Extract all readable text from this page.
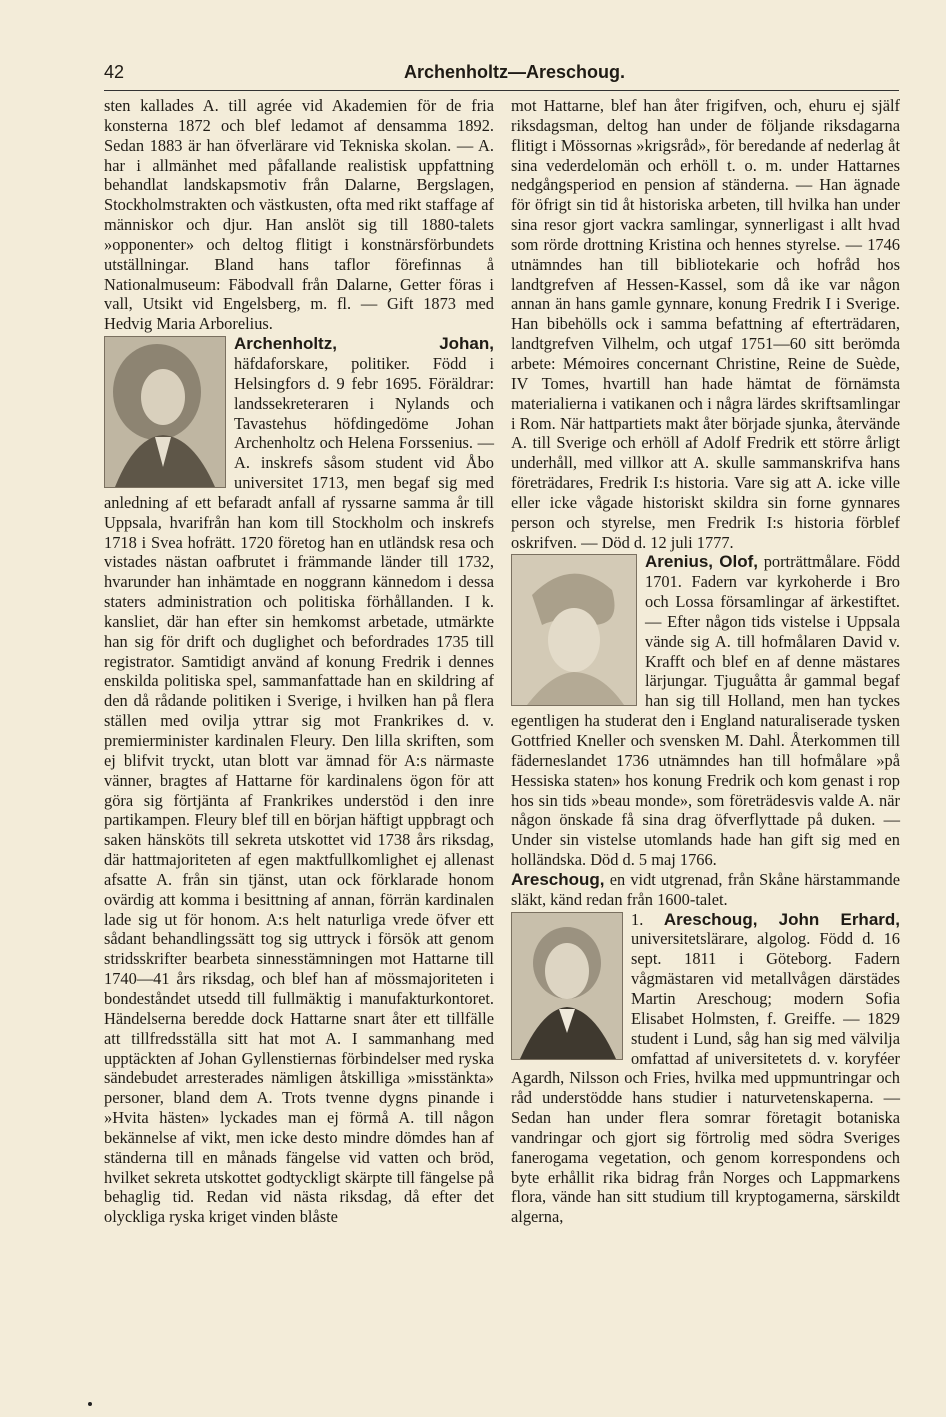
42	Archenholtz—Areschoug.

sten kallades A. till agrée vid Akademien för de fria konsterna 1872 och blef ledamot af densamma 1892. Sedan 1883 är han öfverlärare vid Tekniska skolan. — A. har i allmänhet med påfallande realistisk uppfattning behandlat landskapsmotiv från Dalarne, Bergslagen, Stockholmstrakten och västkusten, ofta med rikt staffage af människor och djur. Han anslöt sig till 1880-talets »opponenter» och deltog flitigt i konstnärsförbundets utställningar. Bland hans taflor förefinnas å Nationalmuseum: Fäbodvall från Dalarne, Getter föras i vall, Utsikt vid Engelsberg, m. fl. — Gift 1873 med Hedvig Maria Arborelius.

Archenholtz, Johan, häfdaforskare, politiker. Född i Helsingfors d. 9 febr 1695. Föräldrar: landssekreteraren i Nylands och Tavastehus höfdingedöme Johan Archenholtz och Helena Forssenius. — A. inskrefs såsom student vid Åbo universitet 1713, men begaf sig med anledning af ett befaradt anfall af ryssarne samma år till Uppsala, hvarifrån han kom till Stockholm och inskrefs 1718 i Svea hofrätt. 1720 företog han en utländsk resa och vistades nästan oafbrutet i främmande länder till 1732, hvarunder han inhämtade en noggrann kännedom i dessa staters administration och politiska förhållanden. I k. kansliet, där han efter sin hemkomst arbetade, utmärkte han sig för drift och duglighet och befordrades 1735 till registrator. Samtidigt använd af konung Fredrik i dennes enskilda politiska spel, sammanfattade han en skildring af den då rådande politiken i Sverige, i hvilken han på flera ställen med ovilja yttrar sig mot Frankrikes d. v. premierminister kardinalen Fleury. Den lilla skriften, som ej blifvit tryckt, utan blott var ämnad för A:s närmaste vänner, bragtes af Hattarne för kardinalens ögon för att göra sig förtjänta af Frankrikes understöd i den inre partikampen. Fleury blef till en början häftigt uppbragt och saken hänsköts till sekreta utskottet vid 1738 års riksdag, där hattmajoriteten af egen maktfullkomlighet ej allenast afsatte A. från sin tjänst, utan ock förklarade honom ovärdig att komma i besittning af annan, förrän kardinalen lade sig ut för honom. A:s helt naturliga vrede öfver ett sådant behandlingssätt tog sig uttryck i försök att genom stridsskrifter bearbeta sinnesstämningen mot Hattarne till 1740—41 års riksdag, och blef han af mössmajoriteten i bondeståndet utsedd till fullmäktig i manufakturkontoret. Händelserna beredde dock Hattarne snart åter ett tillfälle att tillfredsställa sitt hat mot A. I sammanhang med upptäckten af Johan Gyllenstiernas förbindelser med ryska sändebudet arresterades nämligen åtskilliga »misstänkta» personer, bland dem A. Trots tvenne dygns pinande i »Hvita hästen» lyckades man ej förmå A. till någon bekännelse af vikt, men icke desto mindre dömdes han af ständerna till en månads fängelse vid vatten och bröd, hvilket sekreta utskottet godtyckligt skärpte till fängelse på behaglig tid. Redan vid nästa riksdag, då efter det olyckliga ryska kriget vinden blåste

mot Hattarne, blef han åter frigifven, och, ehuru ej själf riksdagsman, deltog han under de följande riksdagarna flitigt i Mössornas »krigsråd», för beredande af nederlag åt sina vederdelomän och erhöll t. o. m. under Hattarnes nedgångsperiod en pension af ständerna. — Han ägnade för öfrigt sin tid åt historiska arbeten, till hvilka han under sina resor gjort vackra samlingar, synnerligast i allt hvad som rörde drottning Kristina och hennes styrelse. — 1746 utnämndes han till bibliotekarie och hofråd hos landtgrefven af Hessen-Kassel, som då ike var någon annan än hans gamle gynnare, konung Fredrik I i Sverige. Han bibehölls ock i samma befattning af efterträdaren, landtgrefven Vilhelm, och utgaf 1751—60 sitt berömda arbete: Mémoires concernant Christine, Reine de Suède, IV Tomes, hvartill han hade hämtat de förnämsta materialierna i vatikanen och i några lärdes skriftsamlingar i Rom. När hattpartiets makt åter började sjunka, återvände A. till Sverige och erhöll af Adolf Fredrik ett större årligt underhåll, med villkor att A. skulle sammanskrifva hans företrädares, Fredrik I:s historia. Vare sig att A. icke ville eller icke vågade historiskt skildra sin forne gynnares person och styrelse, men Fredrik I:s historia förblef oskrifven. — Död d. 12 juli 1777.

Arenius, Olof, porträttmålare. Född 1701. Fadern var kyrkoherde i Bro och Lossa församlingar af ärkestiftet. — Efter någon tids vistelse i Uppsala vände sig A. till hofmålaren David v. Krafft och blef en af denne mästares lärjungar. Tjuguåtta år gammal begaf han sig till Holland, men han tyckes egentligen ha studerat den i England naturaliserade tysken Gottfried Kneller och svensken M. Dahl. Återkommen till fäderneslandet 1736 utnämndes han till hofmålare »på Hessiska staten» hos konung Fredrik och kom genast i rop hos sin tids »beau monde», som företrädesvis valde A. när någon önskade få sina drag öfverflyttade på duken. — Under sin vistelse utomlands hade han gift sig med en holländska. Död d. 5 maj 1766.

Areschoug, en vidt utgrenad, från Skåne härstammande släkt, känd redan från 1600-talet.

1. Areschoug, John Erhard,
universitetslärare, algolog. Född d. 16 sept. 1811 i Göteborg. Fadern vågmästaren vid metallvågen därstädes Martin Areschoug; modern Sofia Elisabet Holmsten, f. Greiffe. — 1829 student i Lund, såg han sig med välvilja omfattad af universitetets d. v. koryféer Agardh, Nilsson och Fries, hvilka med uppmuntringar och råd understödde hans studier i naturvetenskaperna. — Sedan han under flera somrar företagit botaniska vandringar och gjort sig förtrolig med södra Sveriges fanerogama vegetation, och genom korrespondens och byte erhållit rika bidrag från Norges och Lappmarkens flora, vände han sitt studium till kryptogamerna, särskildt algerna,
